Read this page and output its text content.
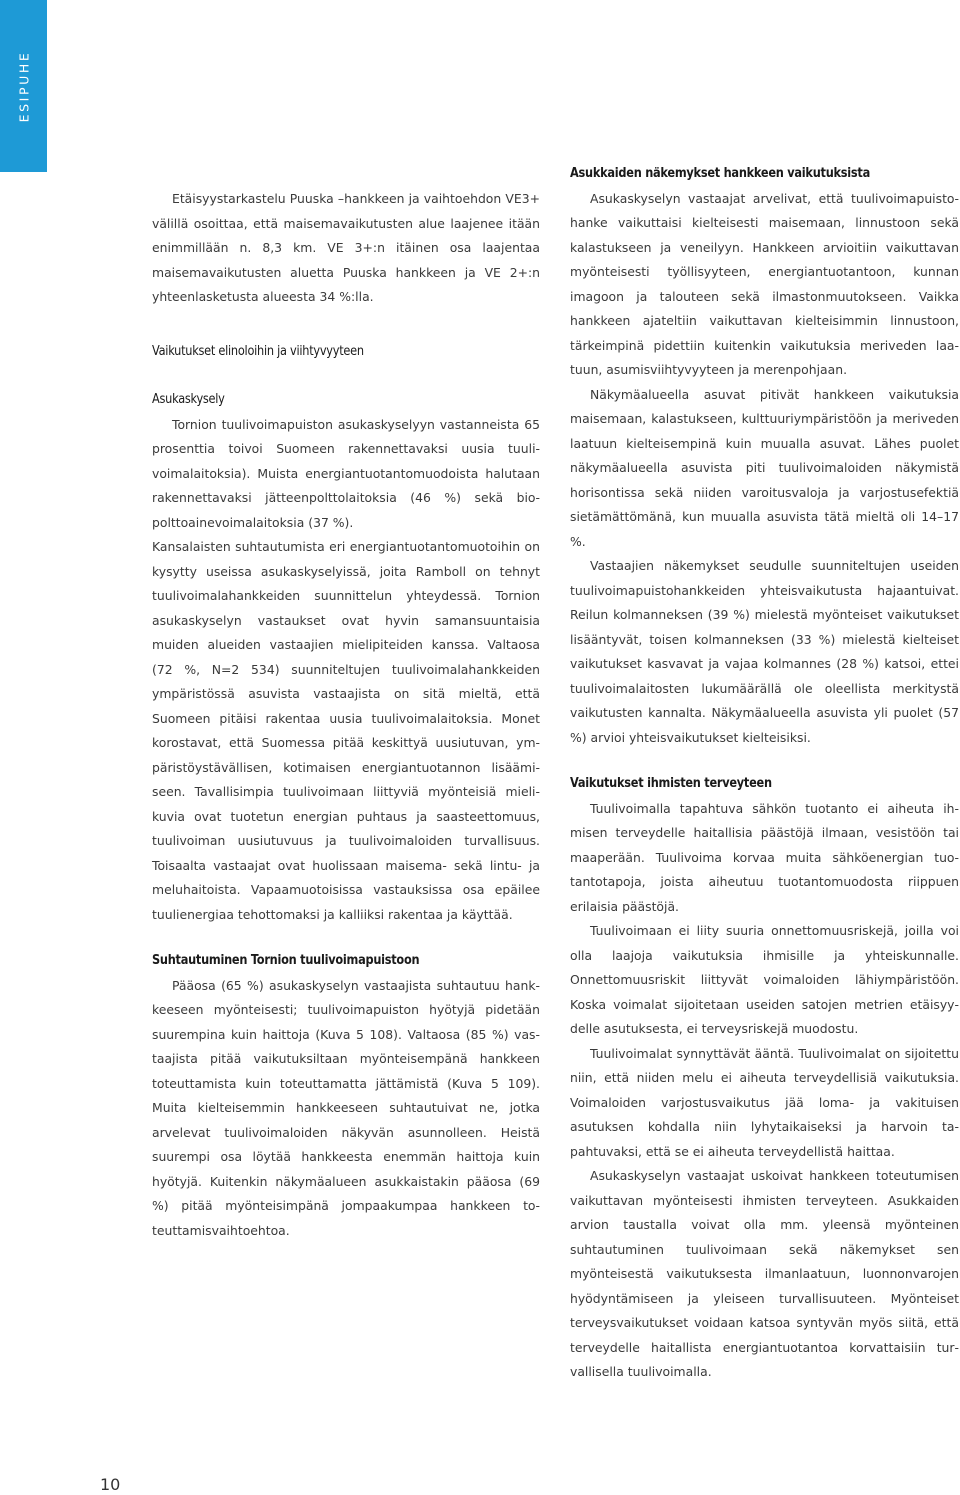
ESIPUHE

Etäisyystarkastelu Puuska –hankkeen ja vaihtoehdon VE3+ välillä osoittaa, että maisemavaikutusten alue laajenee itään enimmillään n. 8,3 km. VE 3+:n itäinen osa laajentaa maisemavaikutusten aluetta Puuska hankkeen ja VE 2+:n yhteenlasketusta alueesta 34 %:lla.

Vaikutukset elinoloihin ja viihtyvyyteen
Asukaskysely

Tornion tuulivoimapuiston asukaskyselyyn vastanneista 65 prosenttia toivoi Suomeen rakennettavaksi uusia tuulivoimalaitoksia). Muista energiantuotantomuodoista halutaan rakennettavaksi jätteenpolttolaitoksia (46 %) sekä biopolttoainevoimalaitoksia (37 %).

Kansalaisten suhtautumista eri energiantuotantomuotoihin on kysytty useissa asukaskyselyissä, joita Ramboll on tehnyt tuulivoimalahankkeiden suunnittelun yhteydessä. Tornion asukaskyselyn vastaukset ovat hyvin samansuuntaisia muiden alueiden vastaajien mielipiteiden kanssa. Valtaosa (72 %, N=2 534) suunniteltujen tuulivoimalahankkeiden ympäristössä asuvista vastaajista on sitä mieltä, että Suomeen pitäisi rakentaa uusia tuulivoimalaitoksia. Monet korostavat, että Suomessa pitää keskittyä uusiutuvan, ympäristöystävällisen, kotimaisen energiantuotannon lisäämiseen. Tavallisimpia tuulivoimaan liittyviä myönteisiä mielikuvia ovat tuotetun energian puhtaus ja saasteettomuus, tuulivoiman uusiutuvuus ja tuulivoimaloiden turvallisuus. Toisaalta vastaajat ovat huolissaan maisema- sekä lintu- ja meluhaitoista. Vapaamuotoisissa vastauksissa osa epäilee tuulienergiaa tehottomaksi ja kalliiksi rakentaa ja käyttää.

Suhtautuminen Tornion tuulivoimapuistoon

Pääosa (65 %) asukaskyselyn vastaajista suhtautuu hankkeeseen myönteisesti; tuulivoimapuiston hyötyjä pidetään suurempina kuin haittoja (Kuva 5 108). Valtaosa (85 %) vastaajista pitää vaikutuksiltaan myönteisempänä hankkeen toteuttamista kuin toteuttamatta jättämistä (Kuva 5 109). Muita kielteisemmin hankkeeseen suhtautuivat ne, jotka arvelevat tuulivoimaloiden näkyvän asunnolleen. Heistä suurempi osa löytää hankkeesta enemmän haittoja kuin hyötyjä. Kuitenkin näkymäalueen asukkaistakin pääosa (69 %) pitää myönteisimpänä jompaakumpaa hankkeen toteuttamisvaihtoehtoa.

Asukkaiden näkemykset hankkeen vaikutuksista

Asukaskyselyn vastaajat arvelivat, että tuulivoimapuistohanke vaikuttaisi kielteisesti maisemaan, linnustoon sekä kalastukseen ja veneilyyn. Hankkeen arvioitiin vaikuttavan myönteisesti työllisyyteen, energiantuotantoon, kunnan imagoon ja talouteen sekä ilmastonmuutokseen. Vaikka hankkeen ajateltiin vaikuttavan kielteisimmin linnustoon, tärkeimpinä pidettiin kuitenkin vaikutuksia meriveden laatuun, asumisviihtyvyyteen ja merenpohjaan.

Näkymäalueella asuvat pitivät hankkeen vaikutuksia maisemaan, kalastukseen, kulttuuriympäristöön ja meriveden laatuun kielteisempinä kuin muualla asuvat. Lähes puolet näkymäalueella asuvista piti tuulivoimaloiden näkymistä horisontissa sekä niiden varoitusvaloja ja varjostusefektiä sietämättömänä, kun muualla asuvista tätä mieltä oli 14–17 %.

Vastaajien näkemykset seudulle suunniteltujen useiden tuulivoimapuistohankkeiden yhteisvaikutusta hajaantuivat. Reilun kolmanneksen (39 %) mielestä myönteiset vaikutukset lisääntyvät, toisen kolmanneksen (33 %) mielestä kielteiset vaikutukset kasvavat ja vajaa kolmannes (28 %) katsoi, ettei tuulivoimalaitosten lukumäärällä ole oleellista merkitystä vaikutusten kannalta. Näkymäalueella asuvista yli puolet (57 %) arvioi yhteisvaikutukset kielteisiksi.

Vaikutukset ihmisten terveyteen

Tuulivoimalla tapahtuva sähkön tuotanto ei aiheuta ihmisen terveydelle haitallisia päästöjä ilmaan, vesistöön tai maaperään. Tuulivoima korvaa muita sähköenergian tuotantotapoja, joista aiheutuu tuotantomuodosta riippuen erilaisia päästöjä.

Tuulivoimaan ei liity suuria onnettomuusriskejä, joilla voi olla laajoja vaikutuksia ihmisille ja yhteiskunnalle. Onnettomuusriskit liittyvät voimaloiden lähiympäristöön. Koska voimalat sijoitetaan useiden satojen metrien etäisyydelle asutuksesta, ei terveysriskejä muodostu.

Tuulivoimalat synnyttävät ääntä. Tuulivoimalat on sijoitettu niin, että niiden melu ei aiheuta terveydellisiä vaikutuksia. Voimaloiden varjostusvaikutus jää loma- ja vakituisen asutuksen kohdalla niin lyhytaikaiseksi ja harvoin tapahtuvaksi, että se ei aiheuta terveydellistä haittaa.

Asukaskyselyn vastaajat uskoivat hankkeen toteutumisen vaikuttavan myönteisesti ihmisten terveyteen. Asukkaiden arvion taustalla voivat olla mm. yleensä myönteinen suhtautuminen tuulivoimaan sekä näkemykset sen myönteisestä vaikutuksesta ilmanlaatuun, luonnonvarojen hyödyntämiseen ja yleiseen turvallisuuteen. Myönteiset terveysvaikutukset voidaan katsoa syntyvän myös siitä, että terveydelle haitallista energiantuotantoa korvattaisiin turvallisella tuulivoimalla.

10
